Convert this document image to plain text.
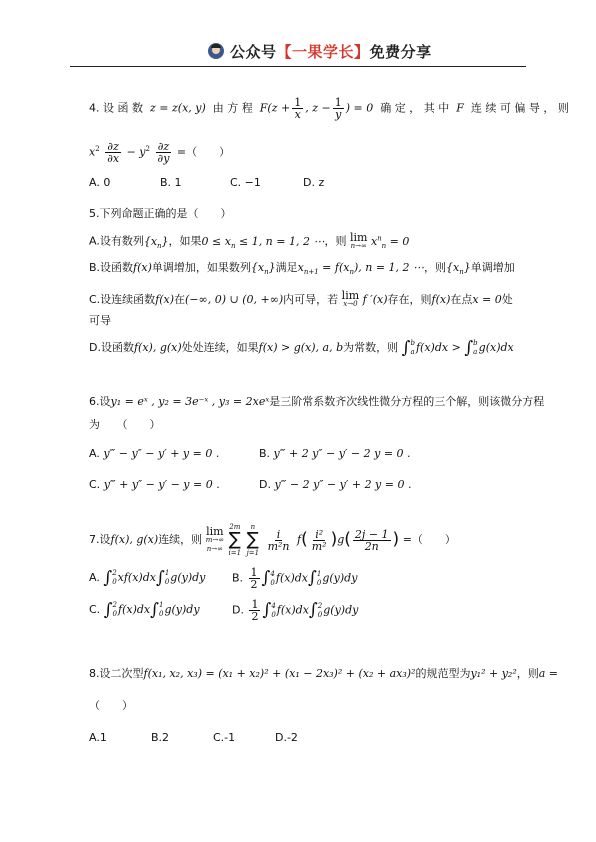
公众号【一果学长】免费分享
4. 设 函 数 z = z(x, y) 由 方 程 $F(z + \frac{1}{x}$ , $z - \frac{1}{y}$ ) = 0 确 定 ， 其 中 F 连 续 可 偏 导 ， 则
$x^2 \frac{\partial z}{\partial x} - y^2 \frac{\partial z}{\partial y}$ =（　　）
A. 0	B. 1	C. −1	D. z
5.下列命题正确的是（　　）
A.设有数列$\{x_n\}$，如果$0 \le x_n \le 1$, n = 1, 2 ⋯，则 lim
n→∞ $x^n_n = 0$
B.设函数f(x)单调增加，如果数列$\{x_n\}$满足$x_{n+1} = f(x_n)$, n = 1, 2 ⋯，则$\{x_n\}$单调增加
C.设连续函数f(x)在(−∞, 0) ∪ (0, +∞)内可导，若 lim
x→0 f ′(x)存在，则f(x)在点x = 0处
可导
D.设函数f(x), g(x)处处连续，如果f(x) > g(x), a, b为常数，则 ∫ b
a f(x)dx > ∫ b
a g(x)dx
6.设y₁ = eˣ , y₂ = 3e⁻ˣ , y₃ = 2xeˣ是三阶常系数齐次线性微分方程的三个解，则该微分方程
为　　（　　）
A. y‴ − y″ − y′ + y = 0 .	B. y‴ + 2 y″ − y′ − 2 y = 0 .
C. y‴ + y″ − y′ − y = 0 .	D. y‴ − 2 y″ − y′ + 2 y = 0 .
7.设f(x), g(x)连续，则
lim
m→∞
n→∞

2m
∑
i=1

n
∑
j=1

$\frac{i}{\text{m²n}} f( \frac{\text{i²}}{\text{m²}} )g( \frac{2j - 1}{2n}$ ) =（　　）
A. ∫ 2
0 xf(x)dx ∫ 1
0 g(y)dy B. $\frac{1}{2}$ ∫ 4
0 f(x)dx ∫ 1
0 g(y)dy
C. ∫ 2
0 f(x)dx ∫ 1
0 g(y)dy	D. $\frac{1}{2}$ ∫ 4
0 f(x)dx ∫ 2
0 g(y)dy
8.设二次型f(x₁, x₂, x₃) = (x₁ + x₂)² + (x₁ − 2x₃)² + (x₂ + ax₃)²的规范型为y₁² + y₂²，则a =
（　　）
A.1	B.2	C.-1	D.-2
